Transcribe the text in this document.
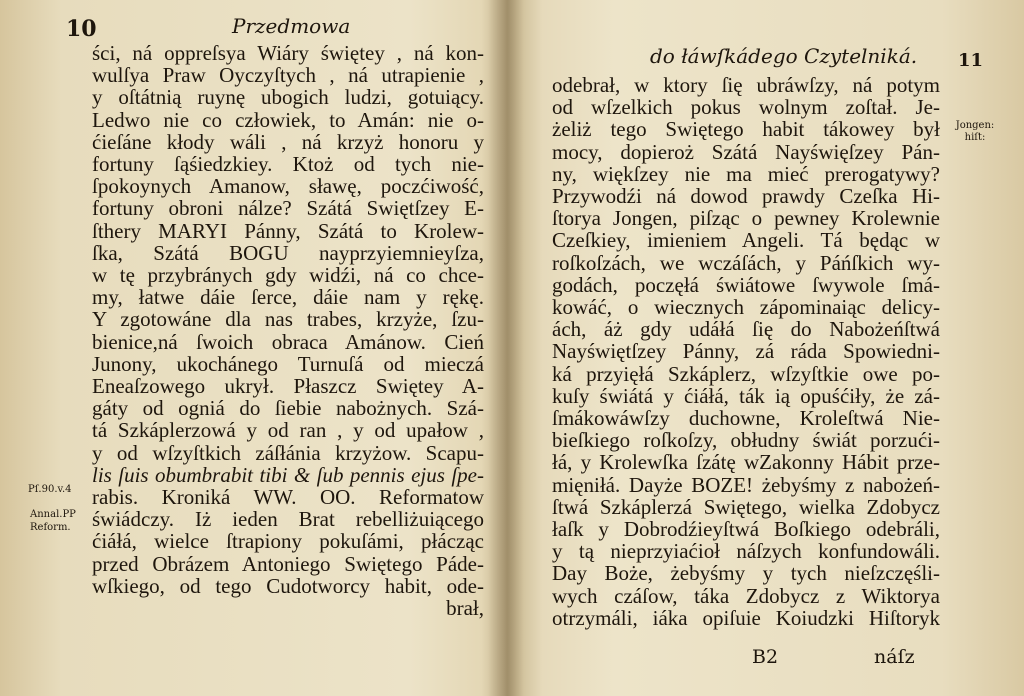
10	Przedmowa
ści, ná oppreſsya Wiáry świętey , ná kon-
wulſya Praw Oyczyſtych , ná utrapienie ,
y oſtátnią ruynę ubogich ludzi, gotuiący.
Ledwo nie co człowiek, to Amán: nie o-
ćieſáne kłody wáli , ná krzyż honoru y
fortuny ſąśiedzkiey. Ktoż od tych nie-
ſpokoynych Amanow, sławę, poczćiwość,
fortuny obroni nálze? Szátá Swiętſzey E-
ſthery MARYI Pánny, Szátá to Krolew-
ſka, Szátá BOGU nayprzyiemnieyſza,
w tę przybránych gdy widźi, ná co chce-
my, łatwe dáie ſerce, dáie nam y rękę.
Y zgotowáne dla nas trabes, krzyże, ſzu-
bienice,ná ſwoich obraca Amánow. Cień
Junony, ukochánego Turnuſá od mieczá
Eneaſzowego ukrył. Płaszcz Swiętey A-
gáty od ogniá do ſiebie nabożnych. Szá-
tá Szkáplerzowá y od ran , y od upałow ,
y od wſzyſtkich záſłánia krzyżow. Scapu-
lis ſuis obumbrabit tibi & ſub pennis ejus ſpe-
rabis. Kroniká WW. OO. Reformatow
świádczy. Iż ieden Brat rebelliżuiącego
ćiáłá, wielce ſtrapiony pokuſámi, płácząc
przed Obrázem Antoniego Swiętego Páde-
wſkiego, od tego Cudotworcy habit, ode-
brał,
Pſ.90.v.4
Annal.PP
Reform.
do łáwſkádego Czytelniká. 11
odebrał, w ktory ſię ubráwſzy, ná potym
od wſzelkich pokus wolnym zoſtał. Je-
żeliż tego Swiętego habit tákowey był
mocy, dopieroż Szátá Nayświęſzey Pán-
ny, więkſzey nie ma mieć prerogatywy?
Przywodźi ná dowod prawdy Czeſka Hi-
ſtorya Jongen, piſząc o pewney Krolewnie
Czeſkiey, imieniem Angeli. Tá będąc w
roſkoſzách, we wczáſách, y Páńſkich wy-
godách, poczęłá świátowe ſwywole ſmá-
kowáć, o wiecznych zápominaiąc delicy-
ách, áż gdy udáłá ſię do Nabożeńſtwá
Nayświętſzey Pánny, zá ráda Spowiedni-
ká przyięłá Szkáplerz, wſzyſtkie owe po-
kuſy świátá y ćiáłá, ták ią opuśćiły, że zá-
ſmákowáwſzy duchowne, Kroleſtwá Nie-
bieſkiego roſkoſzy, obłudny świát porzući-
łá, y Krolewſka ſzátę wZakonny Hábit prze-
mięniłá. Dayże BOZE! żebyśmy z nabożeń-
ſtwá Szkáplerzá Swiętego, wielka Zdobycz
łaſk y Dobrodźieyſtwá Boſkiego odebráli,
y tą nieprzyiaćioł náſzych konfundowáli.
Day Boże, żebyśmy y tych nieſzczęśli-
wych czáſow, táka Zdobycz z Wiktorya
otrzymáli, iáka opiſuie Koiudzki Hiſtoryk
Jongen: hiſt:
B2	náſz
